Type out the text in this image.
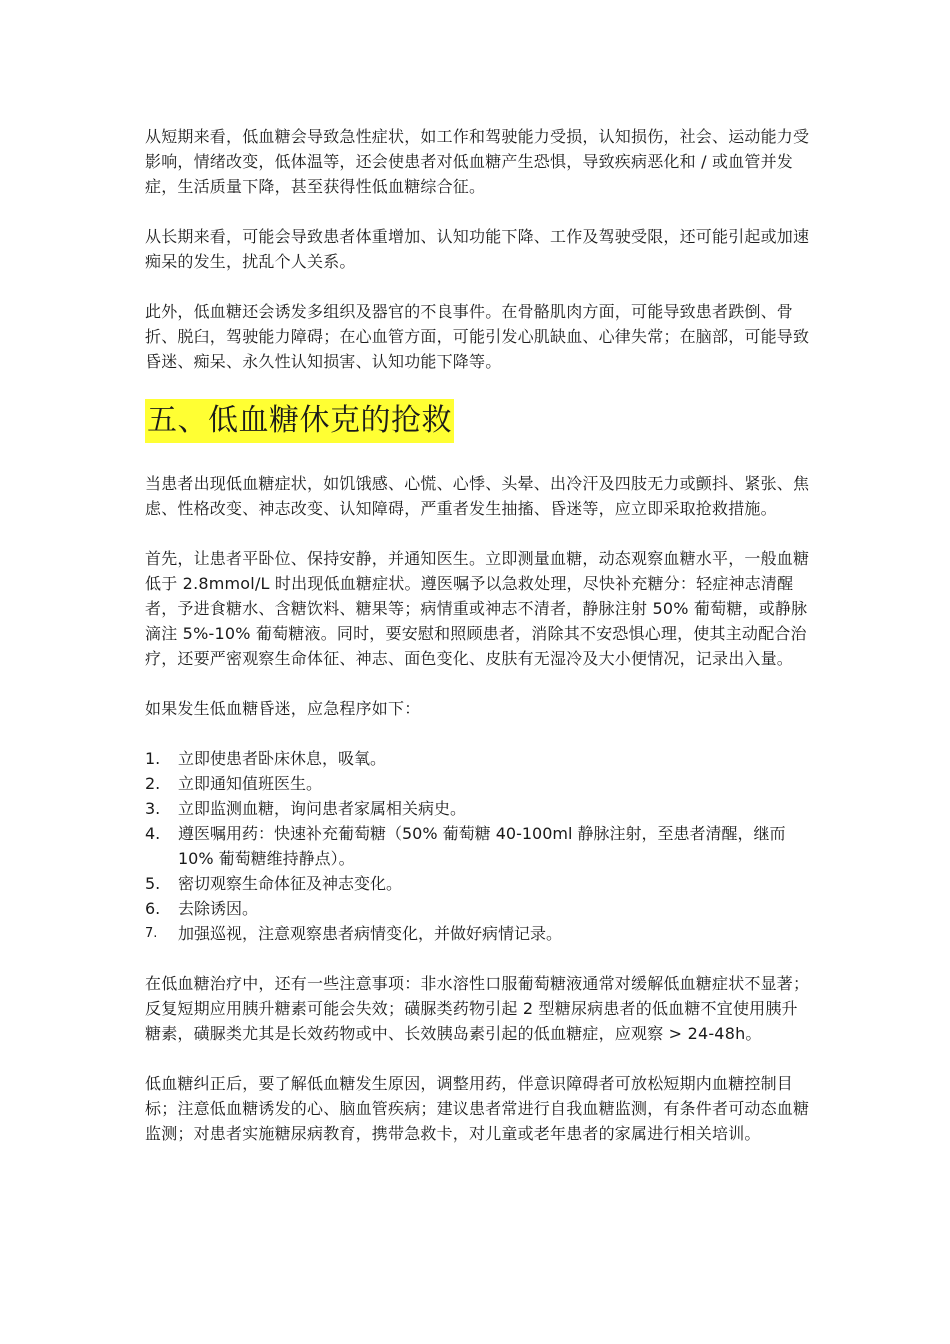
从短期来看，低血糖会导致急性症状，如工作和驾驶能力受损，认知损伤，社会、运动能力受影响，情绪改变，低体温等，还会使患者对低血糖产生恐惧，导致疾病恶化和 / 或血管并发症，生活质量下降，甚至获得性低血糖综合征。

从长期来看，可能会导致患者体重增加、认知功能下降、工作及驾驶受限，还可能引起或加速痴呆的发生，扰乱个人关系。

此外，低血糖还会诱发多组织及器官的不良事件。在骨骼肌肉方面，可能导致患者跌倒、骨折、脱臼，驾驶能力障碍；在心血管方面，可能引发心肌缺血、心律失常；在脑部，可能导致昏迷、痴呆、永久性认知损害、认知功能下降等。

五、低血糖休克的抢救

当患者出现低血糖症状，如饥饿感、心慌、心悸、头晕、出冷汗及四肢无力或颤抖、紧张、焦虑、性格改变、神志改变、认知障碍，严重者发生抽搐、昏迷等，应立即采取抢救措施。

首先，让患者平卧位、保持安静，并通知医生。立即测量血糖，动态观察血糖水平，一般血糖低于 2.8mmol/L 时出现低血糖症状。遵医嘱予以急救处理，尽快补充糖分：轻症神志清醒者，予进食糖水、含糖饮料、糖果等；病情重或神志不清者，静脉注射 50% 葡萄糖，或静脉滴注 5%-10% 葡萄糖液。同时，要安慰和照顾患者，消除其不安恐惧心理，使其主动配合治疗，还要严密观察生命体征、神志、面色变化、皮肤有无湿冷及大小便情况，记录出入量。

如果发生低血糖昏迷，应急程序如下：

1. 立即使患者卧床休息，吸氧。
2. 立即通知值班医生。
3. 立即监测血糖，询问患者家属相关病史。
4. 遵医嘱用药：快速补充葡萄糖（50% 葡萄糖 40-100ml 静脉注射，至患者清醒，继而 10% 葡萄糖维持静点）。
5. 密切观察生命体征及神志变化。
6. 去除诱因。
7. 加强巡视，注意观察患者病情变化，并做好病情记录。

在低血糖治疗中，还有一些注意事项：非水溶性口服葡萄糖液通常对缓解低血糖症状不显著；反复短期应用胰升糖素可能会失效；磺脲类药物引起 2 型糖尿病患者的低血糖不宜使用胰升糖素，磺脲类尤其是长效药物或中、长效胰岛素引起的低血糖症，应观察 > 24-48h。

低血糖纠正后，要了解低血糖发生原因，调整用药，伴意识障碍者可放松短期内血糖控制目标；注意低血糖诱发的心、脑血管疾病；建议患者常进行自我血糖监测，有条件者可动态血糖监测；对患者实施糖尿病教育，携带急救卡，对儿童或老年患者的家属进行相关培训。
